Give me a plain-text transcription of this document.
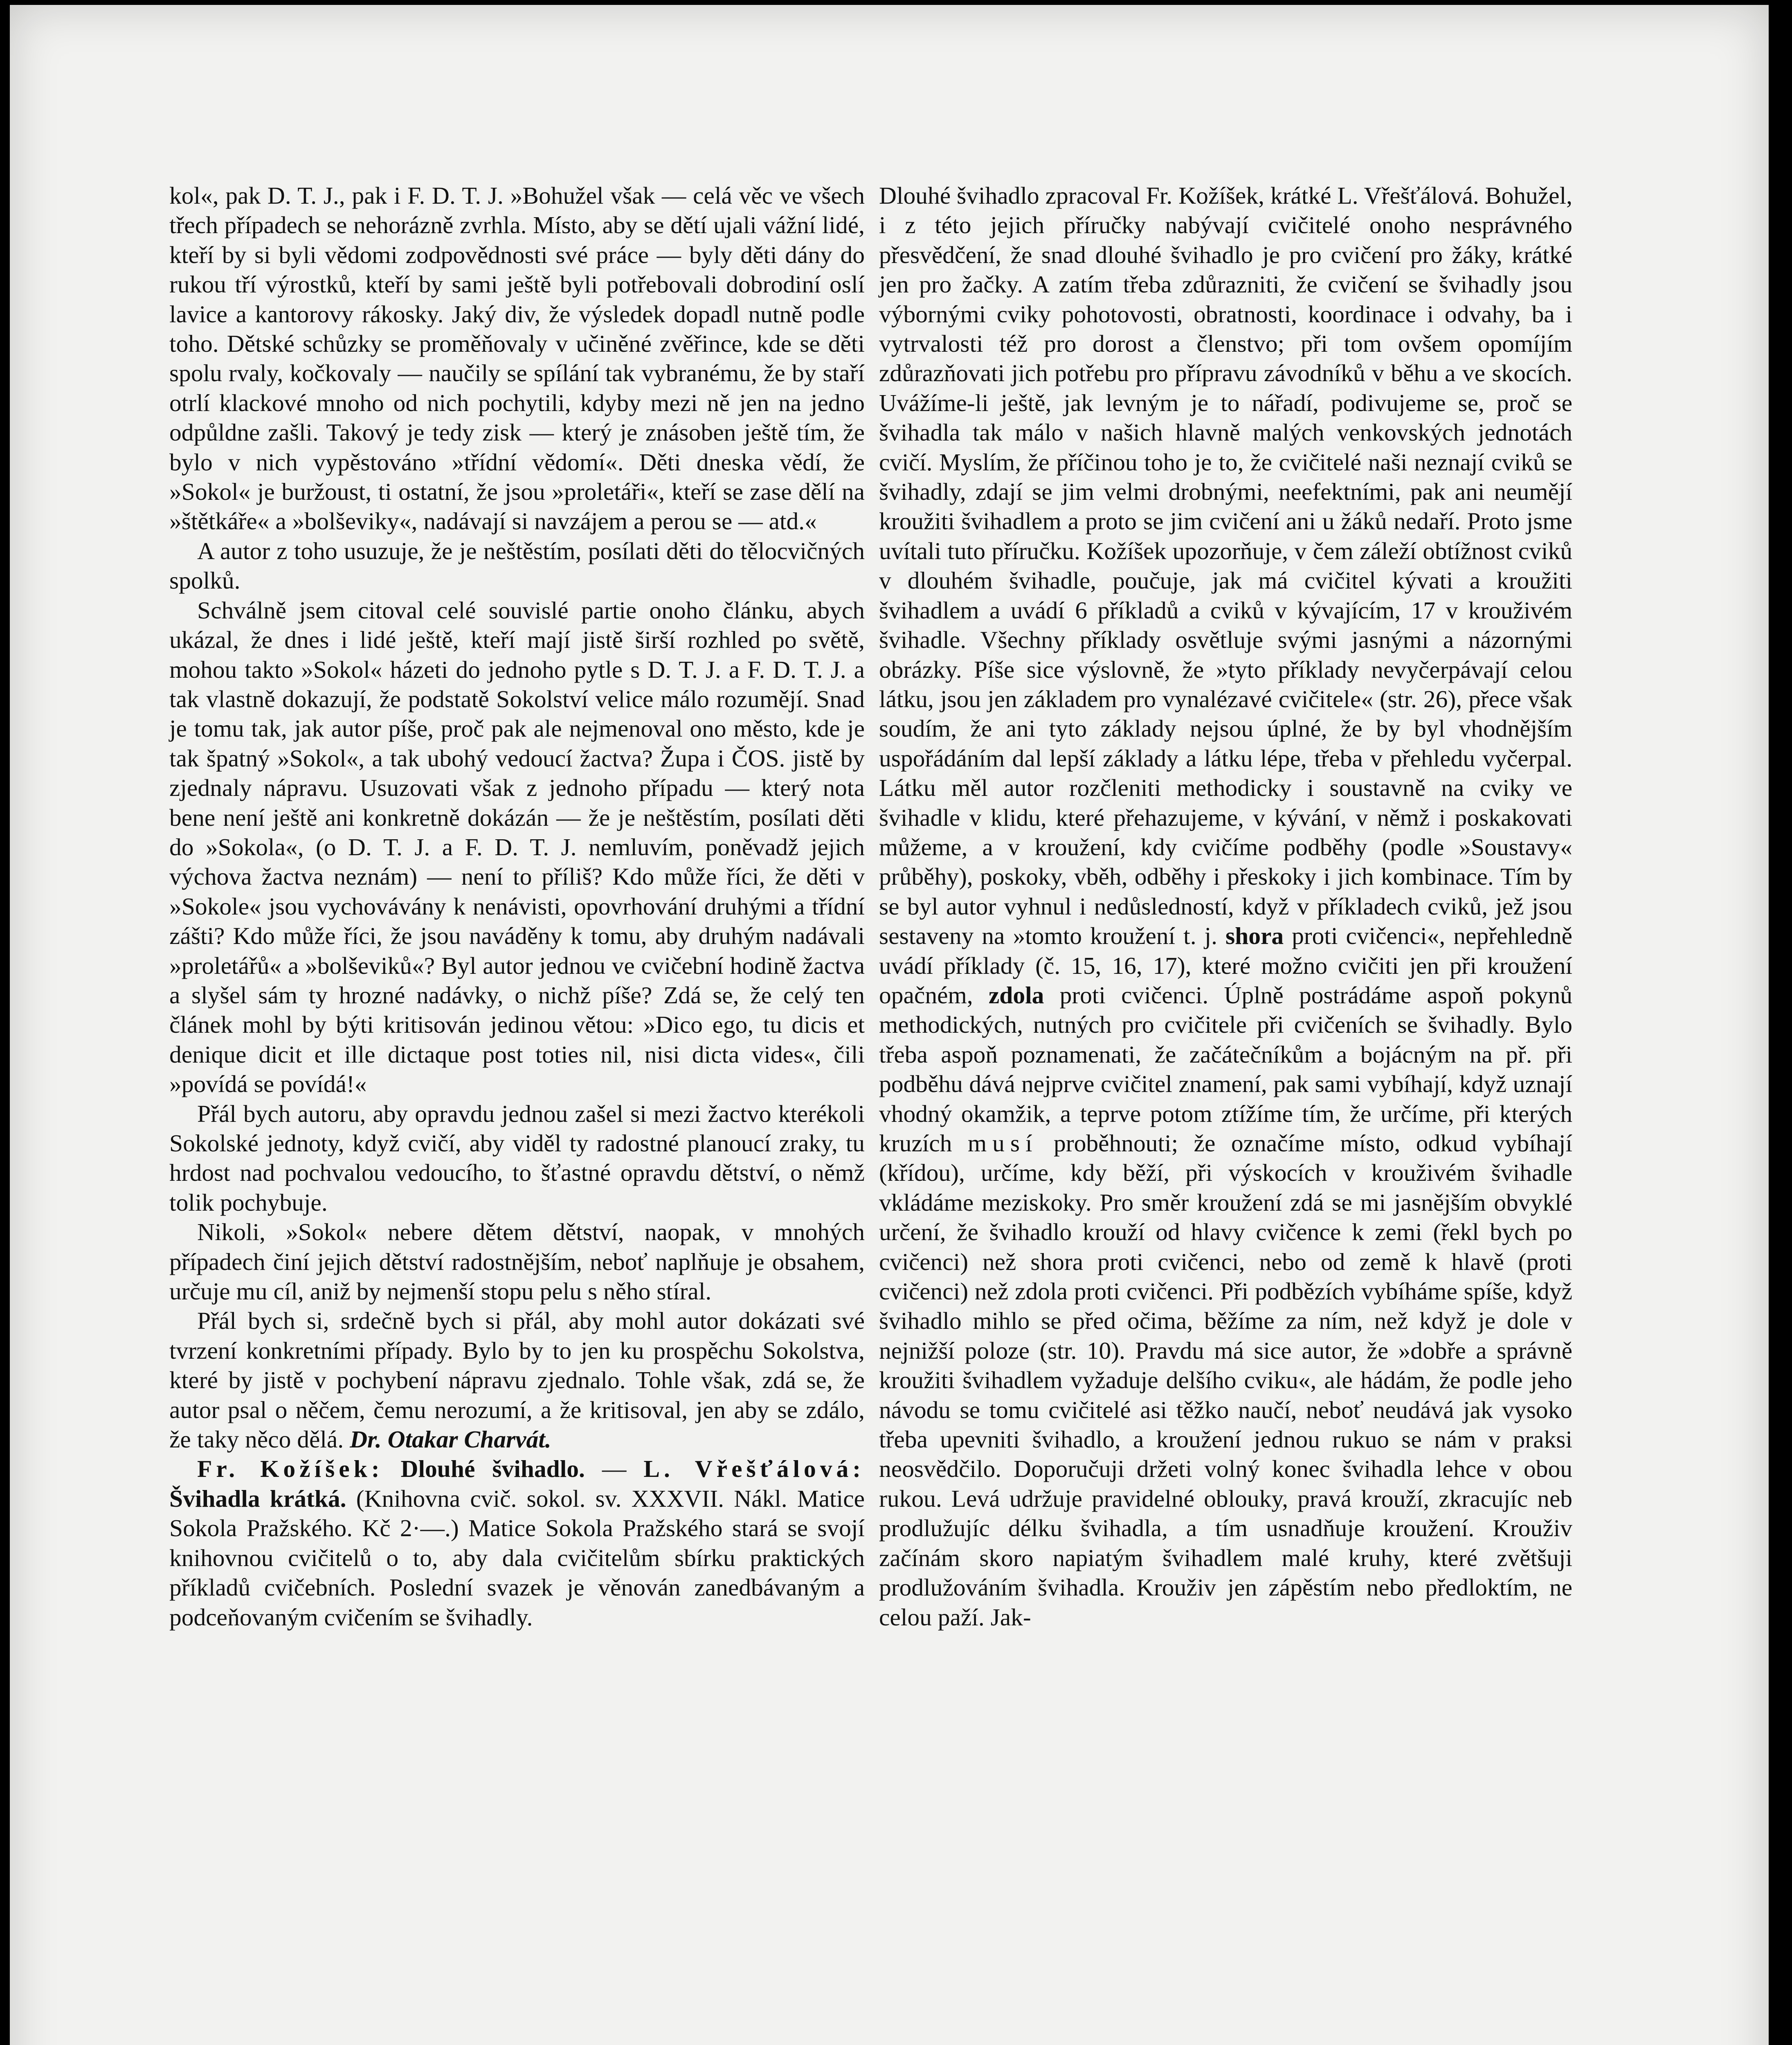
kol«, pak D. T. J., pak i F. D. T. J. »Bohužel však — celá věc ve všech třech případech se nehorázně zvrhla. Místo, aby se dětí ujali vážní lidé, kteří by si byli vědomi zodpovědnosti své práce — byly děti dány do rukou tří výrostků, kteří by sami ještě byli potřebovali dobrodiní oslí lavice a kantorovy rákosky. Jaký div, že výsledek dopadl nutně podle toho. Dětské schůzky se proměňovaly v učiněné zvěřince, kde se děti spolu rvaly, kočkovaly — naučily se spílání tak vybranému, že by staří otrlí klackové mnoho od nich pochytili, kdyby mezi ně jen na jedno odpůldne zašli. Takový je tedy zisk — který je znásoben ještě tím, že bylo v nich vypěstováno »třídní vědomí«. Děti dneska vědí, že »Sokol« je buržoust, ti ostatní, že jsou »proletáři«, kteří se zase dělí na »štětkáře« a »bolševiky«, nadávají si navzájem a perou se — atd.«

A autor z toho usuzuje, že je neštěstím, posílati děti do tělocvičných spolků.

Schválně jsem citoval celé souvislé partie onoho článku, abych ukázal, že dnes i lidé ještě, kteří mají jistě širší rozhled po světě, mohou takto »Sokol« házeti do jednoho pytle s D. T. J. a F. D. T. J. a tak vlastně dokazují, že podstatě Sokolství velice málo rozumějí. Snad je tomu tak, jak autor píše, proč pak ale nejmenoval ono město, kde je tak špatný »Sokol«, a tak ubohý vedoucí žactva? Župa i ČOS. jistě by zjednaly nápravu. Usuzovati však z jednoho případu — který nota bene není ještě ani konkretně dokázán — že je neštěstím, posílati děti do »Sokola«, (o D. T. J. a F. D. T. J. nemluvím, poněvadž jejich výchova žactva neznám) — není to příliš? Kdo může říci, že děti v »Sokole« jsou vychovávány k nenávisti, opovrhování druhými a třídní zášti? Kdo může říci, že jsou naváděny k tomu, aby druhým nadávali »proletářů« a »bolševiků«? Byl autor jednou ve cvičební hodině žactva a slyšel sám ty hrozné nadávky, o nichž píše? Zdá se, že celý ten článek mohl by býti kritisován jedinou větou: »Dico ego, tu dicis et denique dicit et ille dictaque post toties nil, nisi dicta vides«, čili »povídá se povídá!«

Přál bych autoru, aby opravdu jednou zašel si mezi žactvo kterékoli Sokolské jednoty, když cvičí, aby viděl ty radostné planoucí zraky, tu hrdost nad pochvalou vedoucího, to šťastné opravdu dětství, o němž tolik pochybuje.

Nikoli, »Sokol« nebere dětem dětství, naopak, v mnohých případech činí jejich dětství radostnějším, neboť naplňuje je obsahem, určuje mu cíl, aniž by nejmenší stopu pelu s něho stíral.

Přál bych si, srdečně bych si přál, aby mohl autor dokázati své tvrzení konkretními případy. Bylo by to jen ku prospěchu Sokolstva, které by jistě v pochybení nápravu zjednalo. Tohle však, zdá se, že autor psal o něčem, čemu nerozumí, a že kritisoval, jen aby se zdálo, že taky něco dělá. Dr. Otakar Charvát.

Fr. Kožíšek: Dlouhé švihadlo. — L. Vřešťálová: Švihadla krátká. (Knihovna cvič. sokol. sv. XXXVII. Nákl. Matice Sokola Pražského. Kč 2·—.) Matice Sokola Pražského stará se svojí knihovnou cvičitelů o to, aby dala cvičitelům sbírku praktických příkladů cvičebních. Poslední svazek je věnován zanedbávaným a podceňovaným cvičením se švihadly.

Dlouhé švihadlo zpracoval Fr. Kožíšek, krátké L. Vřešťálová. Bohužel, i z této jejich příručky nabývají cvičitelé onoho nesprávného přesvědčení, že snad dlouhé švihadlo je pro cvičení pro žáky, krátké jen pro žačky. A zatím třeba zdůrazniti, že cvičení se švihadly jsou výbornými cviky pohotovosti, obratnosti, koordinace i odvahy, ba i vytrvalosti též pro dorost a členstvo; při tom ovšem opomíjím zdůrazňovati jich potřebu pro přípravu závodníků v běhu a ve skocích. Uvážíme-li ještě, jak levným je to nářadí, podivujeme se, proč se švihadla tak málo v našich hlavně malých venkovských jednotách cvičí. Myslím, že příčinou toho je to, že cvičitelé naši neznají cviků se švihadly, zdají se jim velmi drobnými, neefektními, pak ani neumějí kroužiti švihadlem a proto se jim cvičení ani u žáků nedaří. Proto jsme uvítali tuto příručku. Kožíšek upozorňuje, v čem záleží obtížnost cviků v dlouhém švihadle, poučuje, jak má cvičitel kývati a kroužiti švihadlem a uvádí 6 příkladů a cviků v kývajícím, 17 v krouživém švihadle. Všechny příklady osvětluje svými jasnými a názornými obrázky. Píše sice výslovně, že »tyto příklady nevyčerpávají celou látku, jsou jen základem pro vynalézavé cvičitele« (str. 26), přece však soudím, že ani tyto základy nejsou úplné, že by byl vhodnějším uspořádáním dal lepší základy a látku lépe, třeba v přehledu vyčerpal. Látku měl autor rozčleniti methodicky i soustavně na cviky ve švihadle v klidu, které přehazujeme, v kývání, v němž i poskakovati můžeme, a v kroužení, kdy cvičíme podběhy (podle »Soustavy« průběhy), poskoky, vběh, odběhy i přeskoky i jich kombinace. Tím by se byl autor vyhnul i nedůsledností, když v příkladech cviků, jež jsou sestaveny na »tomto kroužení t. j. shora proti cvičenci«, nepřehledně uvádí příklady (č. 15, 16, 17), které možno cvičiti jen při kroužení opačném, zdola proti cvičenci. Úplně postrádáme aspoň pokynů methodických, nutných pro cvičitele při cvičeních se švihadly. Bylo třeba aspoň poznamenati, že začátečníkům a bojácným na př. při podběhu dává nejprve cvičitel znamení, pak sami vybíhají, když uznají vhodný okamžik, a teprve potom ztížíme tím, že určíme, při kterých kruzích musí proběhnouti; že označíme místo, odkud vybíhají (křídou), určíme, kdy běží, při výskocích v krouživém švihadle vkládáme meziskoky. Pro směr kroužení zdá se mi jasnějším obvyklé určení, že švihadlo krouží od hlavy cvičence k zemi (řekl bych po cvičenci) než shora proti cvičenci, nebo od země k hlavě (proti cvičenci) než zdola proti cvičenci. Při podbězích vybíháme spíše, když švihadlo mihlo se před očima, běžíme za ním, než když je dole v nejnižší poloze (str. 10). Pravdu má sice autor, že »dobře a správně kroužiti švihadlem vyžaduje delšího cviku«, ale hádám, že podle jeho návodu se tomu cvičitelé asi těžko naučí, neboť neudává jak vysoko třeba upevniti švihadlo, a kroužení jednou rukuo se nám v praksi neosvědčilo. Doporučuji držeti volný konec švihadla lehce v obou rukou. Levá udržuje pravidelné oblouky, pravá krouží, zkracujíc neb prodlužujíc délku švihadla, a tím usnadňuje kroužení. Krouživ začínám skoro napiatým švihadlem malé kruhy, které zvětšuji prodlužováním švihadla. Krouživ jen zápěstím nebo předloktím, ne celou paží. Jak-
